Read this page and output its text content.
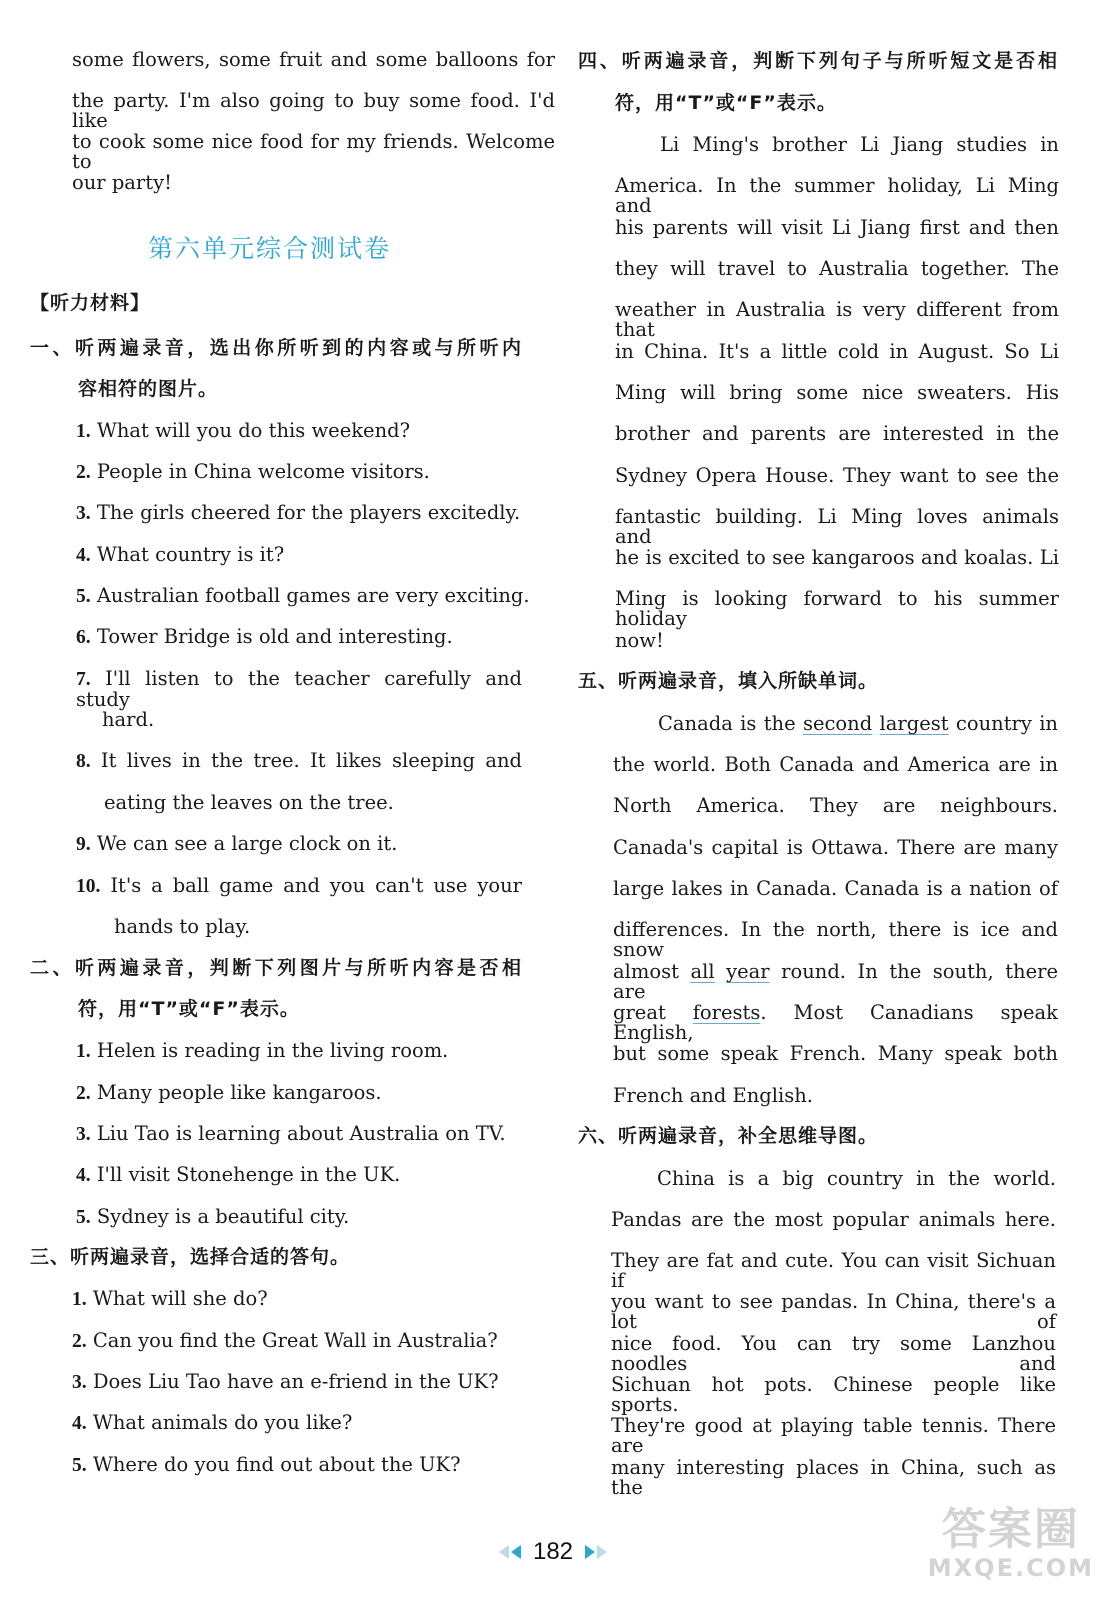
some flowers, some fruit and some balloons for
the party. I'm also going to buy some food. I'd like
to cook some nice food for my friends. Welcome to
our party!
第六单元综合测试卷
【听力材料】
一、听两遍录音，选出你所听到的内容或与所听内
容相符的图片。
1. What will you do this weekend?
2. People in China welcome visitors.
3. The girls cheered for the players excitedly.
4. What country is it?
5. Australian football games are very exciting.
6. Tower Bridge is old and interesting.
7. I'll listen to the teacher carefully and study
hard.
8. It lives in the tree. It likes sleeping and
eating the leaves on the tree.
9. We can see a large clock on it.
10. It's a ball game and you can't use your
hands to play.
二、听两遍录音，判断下列图片与所听内容是否相
符，用“T”或“F”表示。
1. Helen is reading in the living room.
2. Many people like kangaroos.
3. Liu Tao is learning about Australia on TV.
4. I'll visit Stonehenge in the UK.
5. Sydney is a beautiful city.
三、听两遍录音，选择合适的答句。
1. What will she do?
2. Can you find the Great Wall in Australia?
3. Does Liu Tao have an e-friend in the UK?
4. What animals do you like?
5. Where do you find out about the UK?
四、听两遍录音，判断下列句子与所听短文是否相
符，用“T”或“F”表示。
Li Ming's brother Li Jiang studies in
America. In the summer holiday, Li Ming and
his parents will visit Li Jiang first and then
they will travel to Australia together. The
weather in Australia is very different from that
in China. It's a little cold in August. So Li
Ming will bring some nice sweaters. His
brother and parents are interested in the
Sydney Opera House. They want to see the
fantastic building. Li Ming loves animals and
he is excited to see kangaroos and koalas. Li
Ming is looking forward to his summer holiday
now!
五、听两遍录音，填入所缺单词。
Canada is the second largest country in
the world. Both Canada and America are in
North America. They are neighbours.
Canada's capital is Ottawa. There are many
large lakes in Canada. Canada is a nation of
differences. In the north, there is ice and snow
almost all year round. In the south, there are
great forests. Most Canadians speak English,
but some speak French. Many speak both
French and English.
六、听两遍录音，补全思维导图。
China is a big country in the world.
Pandas are the most popular animals here.
They are fat and cute. You can visit Sichuan if
you want to see pandas. In China, there's a lot of
nice food. You can try some Lanzhou noodles and
Sichuan hot pots. Chinese people like sports.
They're good at playing table tennis. There are
many interesting places in China, such as the
182	答案圈
MXQE.COM
